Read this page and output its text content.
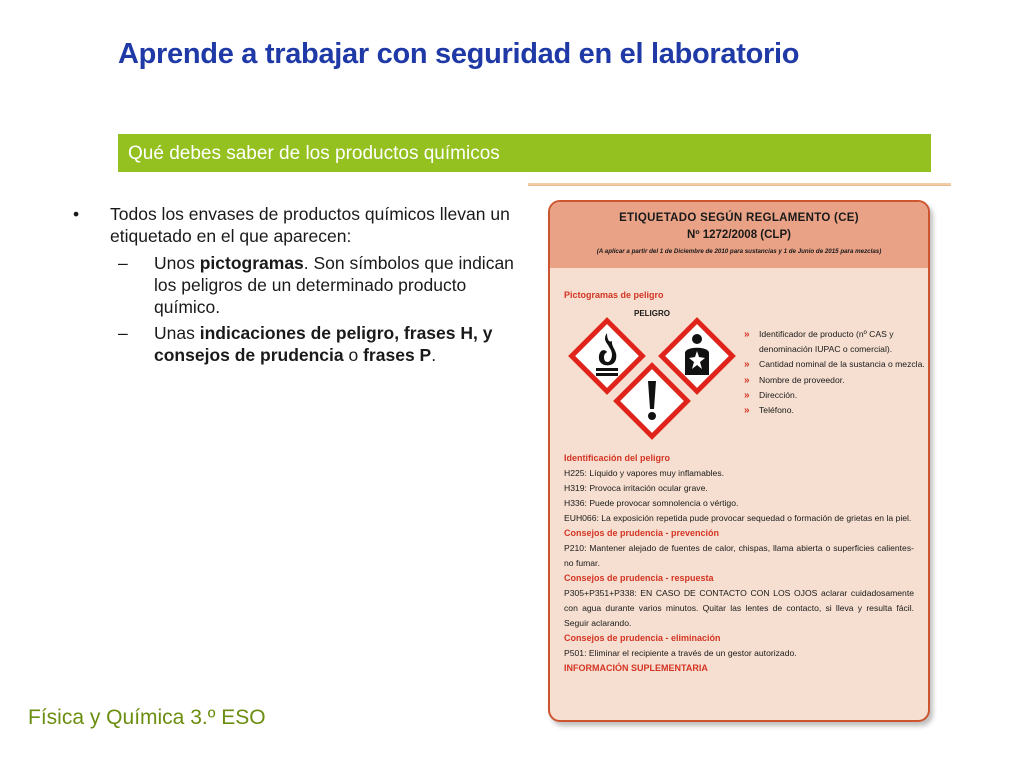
Aprende a trabajar con seguridad en el laboratorio
Qué debes saber de los productos químicos
• Todos los envases de productos químicos llevan un etiquetado en el que aparecen:
– Unos pictogramas. Son símbolos que indican los peligros de un determinado producto químico.
– Unas indicaciones de peligro, frases H, y consejos de prudencia o frases P.
ETIQUETADO SEGÚN REGLAMENTO (CE)
Nº 1272/2008 (CLP)
(A aplicar a partir del 1 de Diciembre de 2010 para sustancias y 1 de Junio de 2015 para mezclas)
Pictogramas de peligro
PELIGRO
» Identificador de producto (nº CAS y denominación IUPAC o comercial).
» Cantidad nominal de la sustancia o mezcla.
» Nombre de proveedor.
» Dirección.
» Teléfono.
Identificación del peligro
H225: Líquido y vapores muy inflamables.
H319: Provoca irritación ocular grave.
H336: Puede provocar somnolencia o vértigo.
EUH066: La exposición repetida pude provocar sequedad o formación de grietas en la piel.
Consejos de prudencia - prevención
P210: Mantener alejado de fuentes de calor, chispas, llama abierta o superficies calientes-no fumar.
Consejos de prudencia - respuesta
P305+P351+P338: EN CASO DE CONTACTO CON LOS OJOS aclarar cuidadosamente con agua durante varios minutos. Quitar las lentes de contacto, si lleva y resulta fácil. Seguir aclarando.
Consejos de prudencia - eliminación
P501: Eliminar el recipiente a través de un gestor autorizado.
INFORMACIÓN SUPLEMENTARIA
Física y Química 3.º ESO
